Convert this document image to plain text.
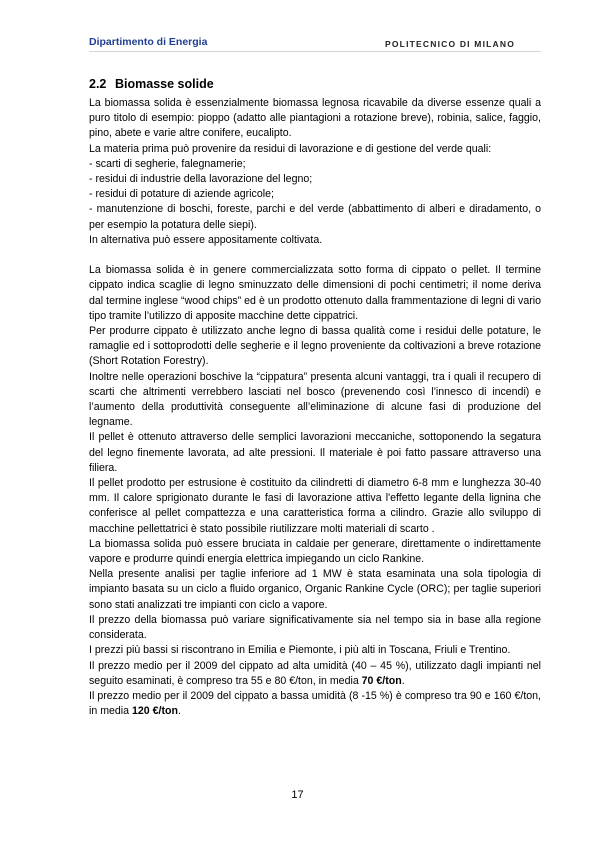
Dipartimento di Energia	POLITECNICO DI MILANO
2.2 Biomasse solide

La biomassa solida è essenzialmente biomassa legnosa ricavabile da diverse essenze quali a puro titolo di esempio: pioppo (adatto alle piantagioni a rotazione breve), robinia, salice, faggio, pino, abete e varie altre conifere, eucalipto.

La materia prima può provenire da residui di lavorazione e di gestione del verde quali:

- scarti di segherie, falegnamerie;

- residui di industrie della lavorazione del legno;

- residui di potature di aziende agricole;

- manutenzione di boschi, foreste, parchi e del verde (abbattimento di alberi e diradamento, o per esempio la potatura delle siepi).

In alternativa può essere appositamente coltivata.

La biomassa solida è in genere commercializzata sotto forma di cippato o pellet. Il termine cippato indica scaglie di legno sminuzzato delle dimensioni di pochi centimetri; il nome deriva dal termine inglese “wood chips” ed è un prodotto ottenuto dalla frammentazione di legni di vario tipo tramite l’utilizzo di apposite macchine dette cippatrici.

Per produrre cippato è utilizzato anche legno di bassa qualità come i residui delle potature, le ramaglie ed i sottoprodotti delle segherie e il legno proveniente da coltivazioni a breve rotazione (Short Rotation Forestry).

Inoltre nelle operazioni boschive la “cippatura” presenta alcuni vantaggi, tra i quali il recupero di scarti che altrimenti verrebbero lasciati nel bosco (prevenendo così l’innesco di incendi) e l’aumento della produttività conseguente all’eliminazione di alcune fasi di produzione del legname.

Il pellet è ottenuto attraverso delle semplici lavorazioni meccaniche, sottoponendo la segatura del legno finemente lavorata, ad alte pressioni. Il materiale è poi fatto passare attraverso una filiera.

Il pellet prodotto per estrusione è costituito da cilindretti di diametro 6-8 mm e lunghezza 30-40 mm. Il calore sprigionato durante le fasi di lavorazione attiva l'effetto legante della lignina che conferisce al pellet compattezza e una caratteristica forma a cilindro. Grazie allo sviluppo di macchine pellettatrici è stato possibile riutilizzare molti materiali di scarto .

La biomassa solida può essere bruciata in caldaie per generare, direttamente o indirettamente vapore e produrre quindi energia elettrica impiegando un ciclo Rankine.

Nella presente analisi per taglie inferiore ad 1 MW è stata esaminata una sola tipologia di impianto basata su un ciclo a fluido organico, Organic Rankine Cycle (ORC); per taglie superiori sono stati analizzati tre impianti con ciclo a vapore.

Il prezzo della biomassa può variare significativamente sia nel tempo sia in base alla regione considerata.

I prezzi più bassi si riscontrano in Emilia e Piemonte, i più alti in Toscana, Friuli e Trentino.

Il prezzo medio per il 2009 del cippato ad alta umidità (40 – 45 %), utilizzato dagli impianti nel seguito esaminati, è compreso tra 55 e 80 €/ton, in media 70 €/ton.

Il prezzo medio per il 2009 del cippato a bassa umidità (8 -15 %) è compreso tra 90 e 160 €/ton, in media 120 €/ton.

17
